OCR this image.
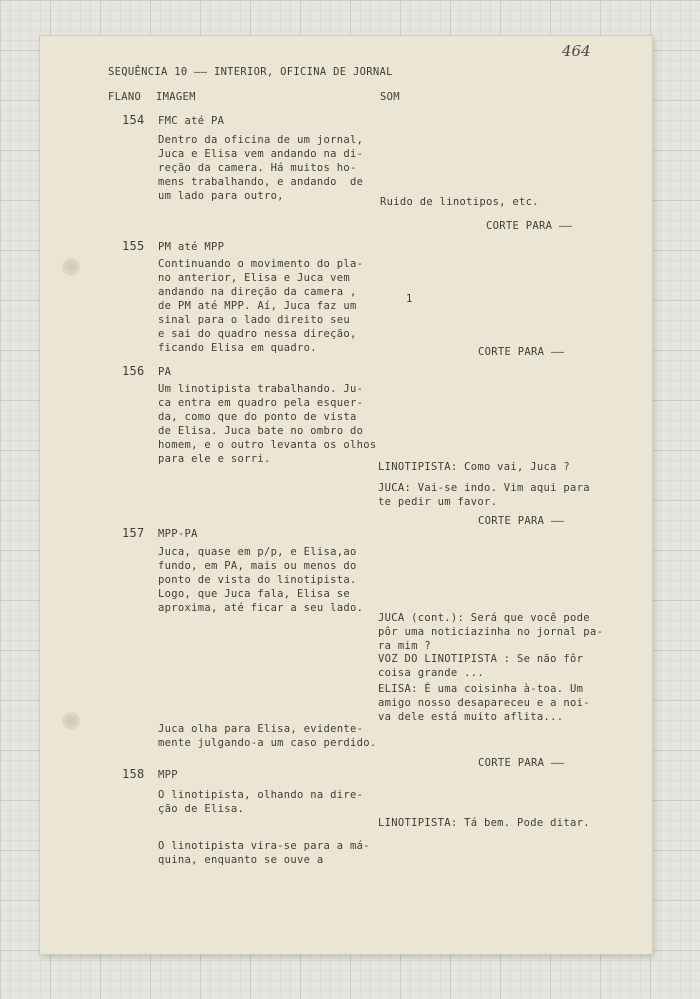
464
SEQUÊNCIA 10 —— INTERIOR, OFICINA DE JORNAL
FLANO IMAGEM	SOM
154 FMC até PA
Dentro da oficina de um jornal,
Juca e Elisa vem andando na di-
reção da camera. Há muitos ho-
mens trabalhando, e andando  de
um lado para outro,	Ruido de linotipos, etc.
CORTE PARA ——
155 PM até MPP
Continuando o movimento do pla-
no anterior, Elisa e Juca vem
andando na direção da camera ,
de PM até MPP. Aí, Juca faz um
sinal para o lado direito seu
e sai do quadro nessa direção,
ficando Elisa em quadro.
1
CORTE PARA ——
156 PA
Um linotipista trabalhando. Ju-
ca entra em quadro pela esquer-
da, como que do ponto de vista
de Elisa. Juca bate no ombro do
homem, e o outro levanta os olhos
para ele e sorri.
LINOTIPISTA: Como vai, Juca ?
JUCA: Vai-se indo. Vim aqui para
te pedir um favor.
CORTE PARA ——
157 MPP-PA
Juca, quase em p/p, e Elisa,ao
fundo, em PA, mais ou menos do
ponto de vista do linotipista.
Logo, que Juca fala, Elisa se
aproxima, até ficar a seu lado.
JUCA (cont.): Será que você pode
pôr uma noticiazinha no jornal pa-
ra mim ?
VOZ DO LINOTIPISTA : Se não fôr
coisa grande ...
ELISA: É uma coisinha à-toa. Um
amigo nosso desapareceu e a noi-
va dele está muito aflita...
Juca olha para Elisa, evidente-
mente julgando-a um caso perdido.
CORTE PARA ——
158 MPP
O linotipista, olhando na dire-
ção de Elisa.
LINOTIPISTA: Tá bem. Pode ditar.
O linotipista vira-se para a má-
quina, enquanto se ouve a
